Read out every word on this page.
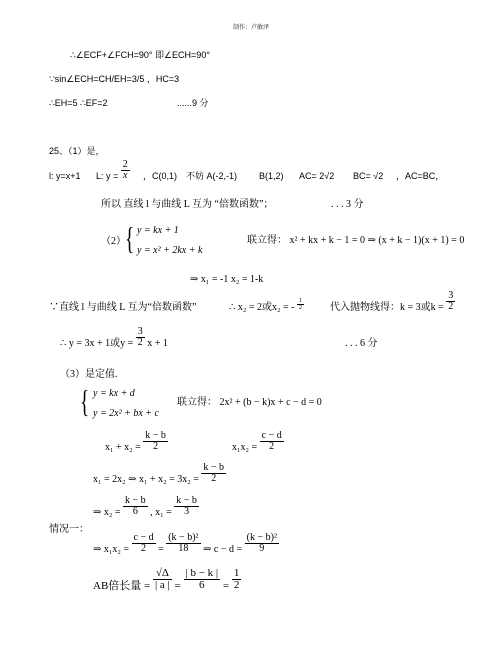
制作：卢敏泽
∴∠ECF+∠FCH=90° 即∠ECH=90°
∵sin∠ECH=CH/EH=3/5 ，HC=3
∴EH=5 ∴EF=2	......9 分
25、（1）是，
l: y=x+1 L: $y = \frac{2}{x}$ ，C(0,1) 不妨 A(-2,-1) B(1,2) AC= 2√2 BC= √2 ，AC=BC，
所以 直线 l 与曲线 L 互为 “倍数函数”；	. . . 3 分
（2） { y = kx + 1
y = x² + 2kx + k
联立得： x² + kx + k − 1 = 0 ⇒ (x + k − 1)(x + 1) = 0
⇒ x₁ = -1 x₂ = 1-k
∵直线 l 与曲线 L 互为“倍数函数”	∴ x₂ = 2或x₂ = - $\frac{1}{2}$	代入抛物线得：k = 3或$k = \frac{3}{2}$
∴ y = 3x + 1或$y = \frac{3}{2}$ x + 1	. . . 6 分
（3）是定值.
{ y = kx + d
y = 2x² + bx + c
联立得： 2x² + (b − k)x + c − d = 0
$x_1 + x_2 = \frac{k - b}{2}$	$x_1x_2 = \frac{c - d}{2}$
x₁ = 2x₂ ⇒ $x_1 + x_2 = 3x_2 = \frac{k - b}{2}$
⇒ $x_2 = \frac{k - b}{6}$ , $x_1 = \frac{k - b}{3}$
情况一：
⇒ $x_1x_2 = \frac{c - d}{2} = \frac{\text{(k − b)²}}{18}$ ⇒ $c - d = \frac{\text{(k − b)²}}{9}$
AB倍长量 = $\frac{√\Delta}{| a |} = \frac{| b - k |}{6} = \frac{1}{2}$
